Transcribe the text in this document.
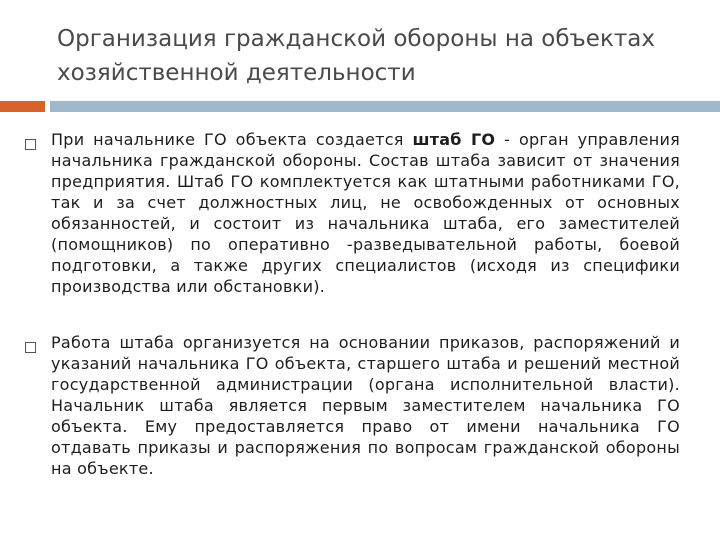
Организация гражданской обороны на объектах хозяйственной деятельности
При начальнике ГО объекта создается штаб ГО - орган управления начальника гражданской обороны. Состав штаба зависит от значения предприятия. Штаб ГО комплектуется как штатными работниками ГО, так и за счет должностных лиц, не освобожденных от основных обязанностей, и состоит из начальника штаба, его заместителей (помощников) по оперативно -разведывательной работы, боевой подготовки, а также других специалистов (исходя из специфики производства или обстановки).
Работа штаба организуется на основании приказов, распоряжений и указаний начальника ГО объекта, старшего штаба и решений местной государственной администрации (органа исполнительной власти). Начальник штаба является первым заместителем начальника ГО объекта. Ему предоставляется право от имени начальника ГО отдавать приказы и распоряжения по вопросам гражданской обороны на объекте.
